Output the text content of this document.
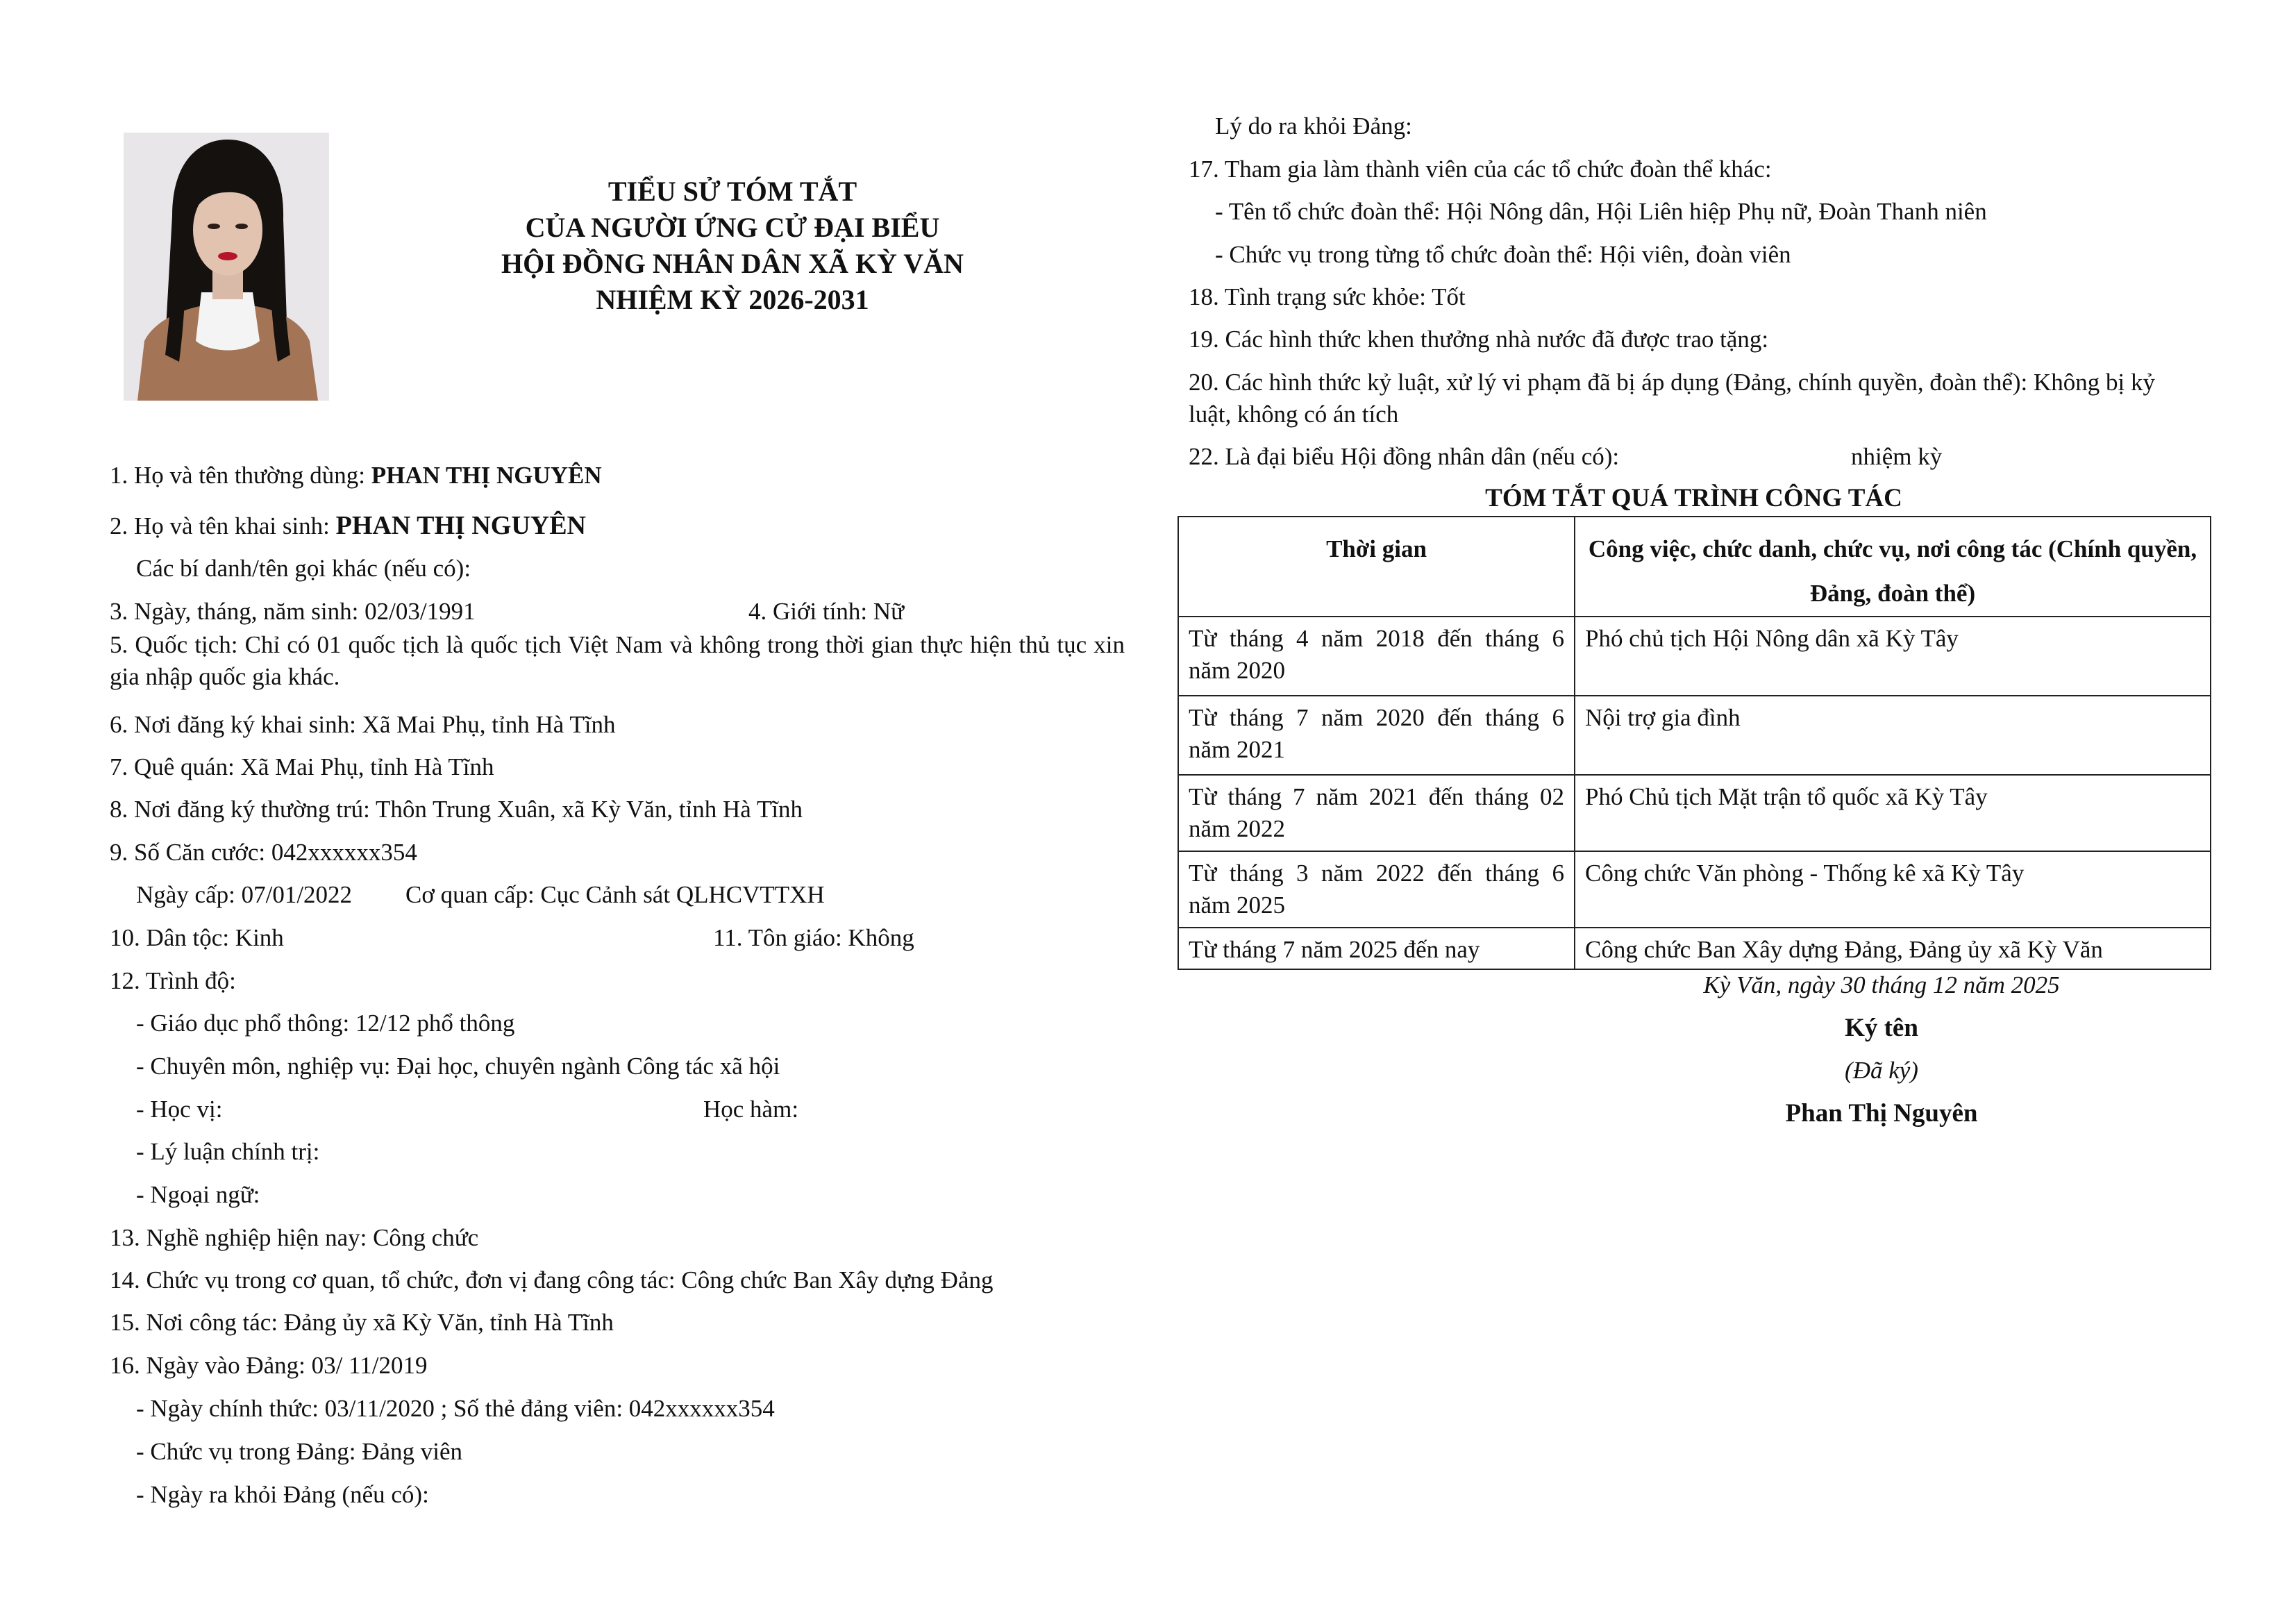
TIỂU SỬ TÓM TẮT
CỦA NGƯỜI ỨNG CỬ ĐẠI BIỂU
HỘI ĐỒNG NHÂN DÂN XÃ KỲ VĂN
NHIỆM KỲ 2026-2031
1. Họ và tên thường dùng: PHAN THỊ NGUYÊN
2. Họ và tên khai sinh: PHAN THỊ NGUYÊN
Các bí danh/tên gọi khác (nếu có):
3. Ngày, tháng, năm sinh: 02/03/1991	4. Giới tính: Nữ
5. Quốc tịch: Chỉ có 01 quốc tịch là quốc tịch Việt Nam và không trong thời gian thực hiện thủ tục xin gia nhập quốc gia khác.
6. Nơi đăng ký khai sinh: Xã Mai Phụ, tỉnh Hà Tĩnh
7. Quê quán: Xã Mai Phụ, tỉnh Hà Tĩnh
8. Nơi đăng ký thường trú: Thôn Trung Xuân, xã Kỳ Văn, tỉnh Hà Tĩnh
9. Số Căn cước: 042xxxxxx354
Ngày cấp: 07/01/2022 Cơ quan cấp: Cục Cảnh sát QLHCVTTXH
10. Dân tộc: Kinh	11. Tôn giáo: Không
12. Trình độ:
- Giáo dục phổ thông: 12/12 phổ thông
- Chuyên môn, nghiệp vụ: Đại học, chuyên ngành Công tác xã hội
- Học vị:	Học hàm:
- Lý luận chính trị:
- Ngoại ngữ:
13. Nghề nghiệp hiện nay: Công chức
14. Chức vụ trong cơ quan, tổ chức, đơn vị đang công tác: Công chức Ban Xây dựng Đảng
15. Nơi công tác: Đảng ủy xã Kỳ Văn, tỉnh Hà Tĩnh
16. Ngày vào Đảng: 03/ 11/2019
- Ngày chính thức: 03/11/2020 ; Số thẻ đảng viên: 042xxxxxx354
- Chức vụ trong Đảng: Đảng viên
- Ngày ra khỏi Đảng (nếu có):
Lý do ra khỏi Đảng:
17. Tham gia làm thành viên của các tổ chức đoàn thể khác:
- Tên tổ chức đoàn thể: Hội Nông dân, Hội Liên hiệp Phụ nữ, Đoàn Thanh niên
- Chức vụ trong từng tổ chức đoàn thể: Hội viên, đoàn viên
18. Tình trạng sức khỏe: Tốt
19. Các hình thức khen thưởng nhà nước đã được trao tặng:
20. Các hình thức kỷ luật, xử lý vi phạm đã bị áp dụng (Đảng, chính quyền, đoàn thể): Không bị kỷ luật, không có án tích
22. Là đại biểu Hội đồng nhân dân (nếu có):	nhiệm kỳ
TÓM TẮT QUÁ TRÌNH CÔNG TÁC
Thời gian	Công việc, chức danh, chức vụ, nơi công tác (Chính quyền, Đảng, đoàn thể)
Từ tháng 4 năm 2018 đến tháng 6 năm 2020	Phó chủ tịch Hội Nông dân xã Kỳ Tây
Từ tháng 7 năm 2020 đến tháng 6 năm 2021	Nội trợ gia đình
Từ tháng 7 năm 2021 đến tháng 02 năm 2022	Phó Chủ tịch Mặt trận tổ quốc xã Kỳ Tây
Từ tháng 3 năm 2022 đến tháng 6 năm 2025	Công chức Văn phòng - Thống kê xã Kỳ Tây
Từ tháng 7 năm 2025 đến nay	Công chức Ban Xây dựng Đảng, Đảng ủy xã Kỳ Văn
Kỳ Văn, ngày 30 tháng 12 năm 2025
Ký tên
(Đã ký)
Phan Thị Nguyên
